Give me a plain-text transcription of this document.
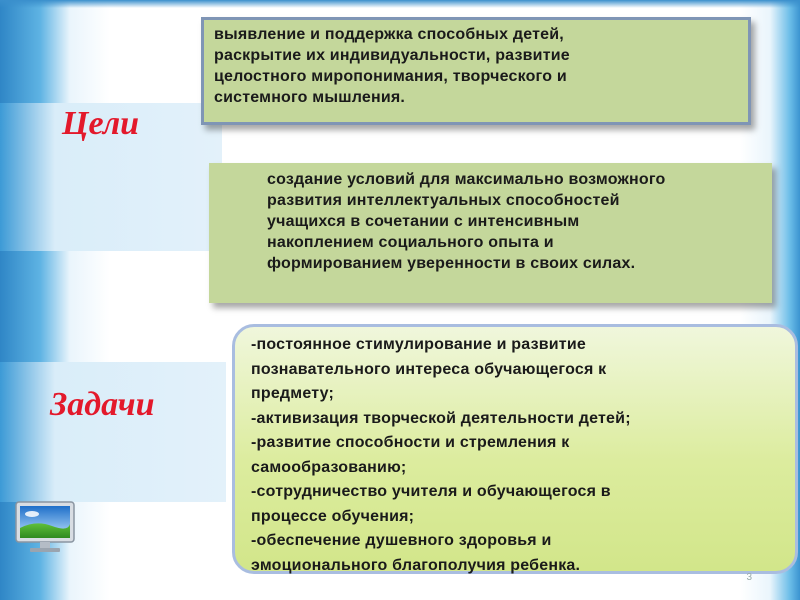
Цели
Задачи
выявление и поддержка способных детей,
раскрытие их индивидуальности, развитие
целостного миропонимания, творческого и
системного мышления.
создание условий для максимально возможного
развития интеллектуальных способностей
учащихся в сочетании с интенсивным
накоплением социального опыта и
формированием уверенности в своих силах.
-постоянное стимулирование и развитие
познавательного интереса обучающегося к
предмету;
-активизация творческой деятельности детей;
-развитие способности и стремления к
самообразованию;
-сотрудничество учителя и обучающегося в
процессе обучения;
-обеспечение душевного здоровья и
эмоционального благополучия ребенка.
3
